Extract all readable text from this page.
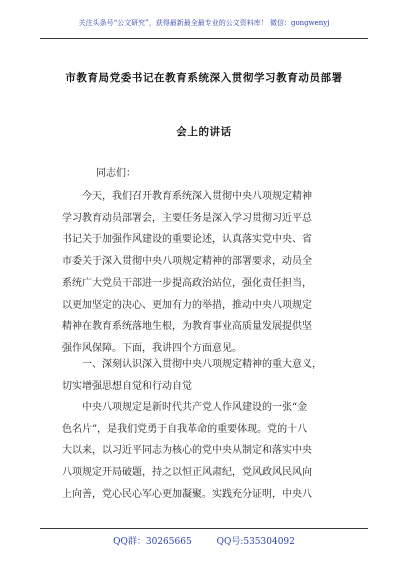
关注头条号“公文研究”，获得最新最全最专业的公文资料库！ 微信：gongwenyj
市教育局党委书记在教育系统深入贯彻学习教育动员部署
会上的讲话
同志们：
今天，我们召开教育系统深入贯彻中央八项规定精神
学习教育动员部署会，主要任务是深入学习贯彻习近平总
书记关于加强作风建设的重要论述，认真落实党中央、省
市委关于深入贯彻中央八项规定精神的部署要求，动员全
系统广大党员干部进一步提高政治站位，强化责任担当，
以更加坚定的决心、更加有力的举措，推动中央八项规定
精神在教育系统落地生根，为教育事业高质量发展提供坚
强作风保障。下面，我讲四个方面意见。
一、深刻认识深入贯彻中央八项规定精神的重大意义，
切实增强思想自觉和行动自觉
中央八项规定是新时代共产党人作风建设的一张“金
色名片”，是我们党勇于自我革命的重要体现。党的十八
大以来，以习近平同志为核心的党中央从制定和落实中央
八项规定开局破题，持之以恒正风肃纪，党风政风民风向
上向善，党心民心军心更加凝聚。实践充分证明，中央八
QQ群：30265665	QQ号:535304092
